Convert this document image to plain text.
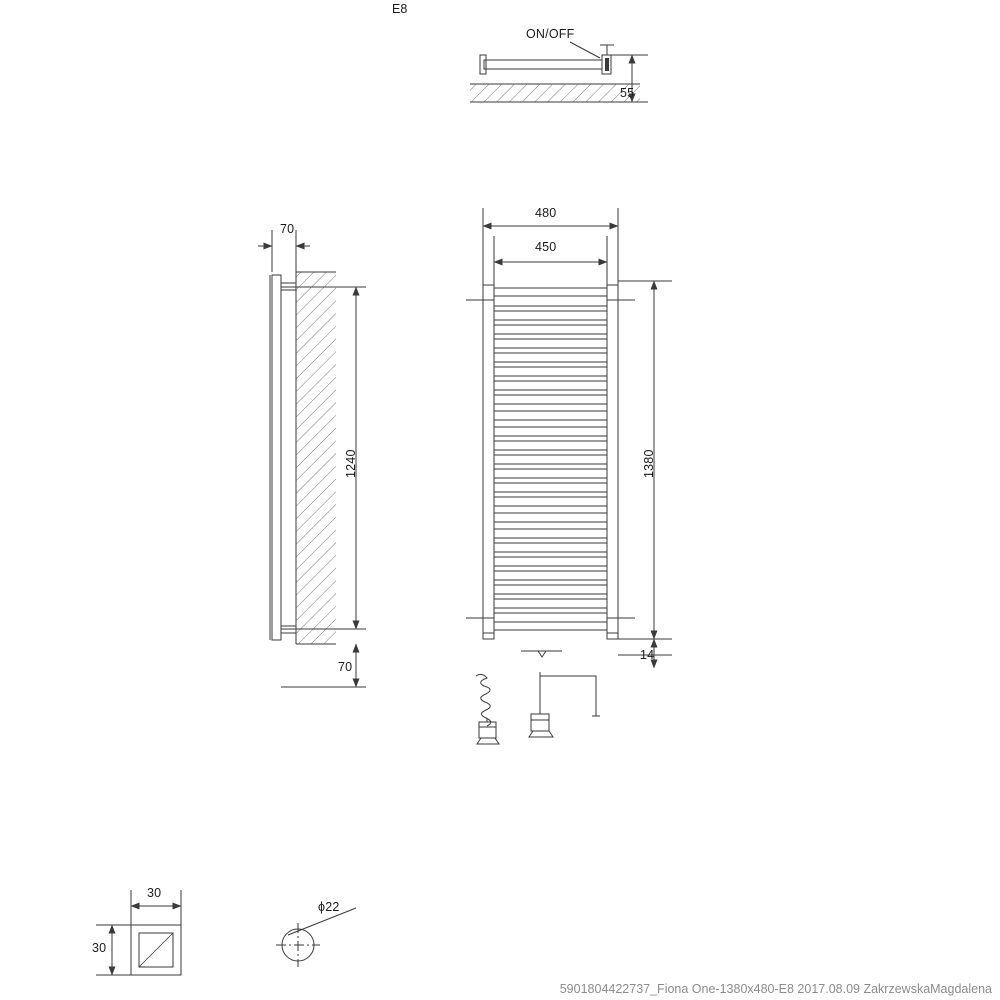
E8
ON/OFF
55
70
1240
70
480
450
1380
14
30
30
ϕ22
5901804422737_Fiona One-1380x480-E8 2017.08.09 ZakrzewskaMagdalena
